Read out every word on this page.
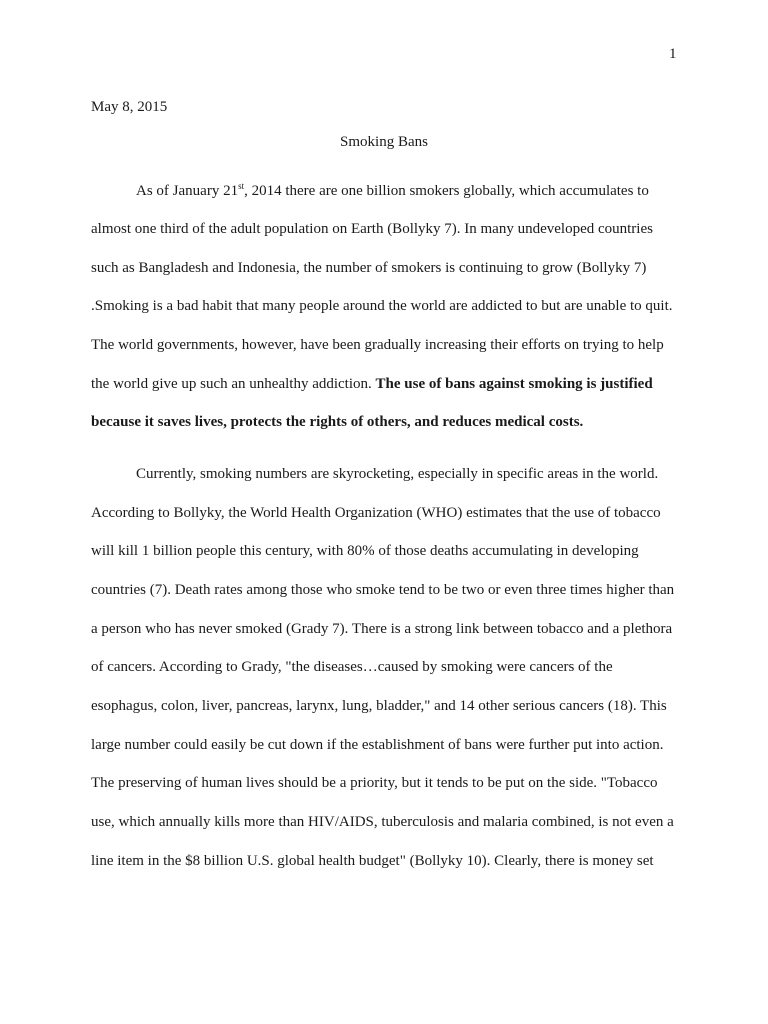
1
May 8, 2015
Smoking Bans
As of January 21st, 2014 there are one billion smokers globally, which accumulates to
almost one third of the adult population on Earth (Bollyky 7). In many undeveloped countries
such as Bangladesh and Indonesia, the number of smokers is continuing to grow (Bollyky 7)
.Smoking is a bad habit that many people around the world are addicted to but are unable to quit.
The world governments, however, have been gradually increasing their efforts on trying to help
the world give up such an unhealthy addiction. The use of bans against smoking is justified
because it saves lives, protects the rights of others, and reduces medical costs.
Currently, smoking numbers are skyrocketing, especially in specific areas in the world.
According to Bollyky, the World Health Organization (WHO) estimates that the use of tobacco
will kill 1 billion people this century, with 80% of those deaths accumulating in developing
countries (7). Death rates among those who smoke tend to be two or even three times higher than
a person who has never smoked (Grady 7). There is a strong link between tobacco and a plethora
of cancers. According to Grady, "the diseases…caused by smoking were cancers of the
esophagus, colon, liver, pancreas, larynx, lung, bladder," and 14 other serious cancers (18). This
large number could easily be cut down if the establishment of bans were further put into action.
The preserving of human lives should be a priority, but it tends to be put on the side. "Tobacco
use, which annually kills more than HIV/AIDS, tuberculosis and malaria combined, is not even a
line item in the $8 billion U.S. global health budget" (Bollyky 10). Clearly, there is money set
